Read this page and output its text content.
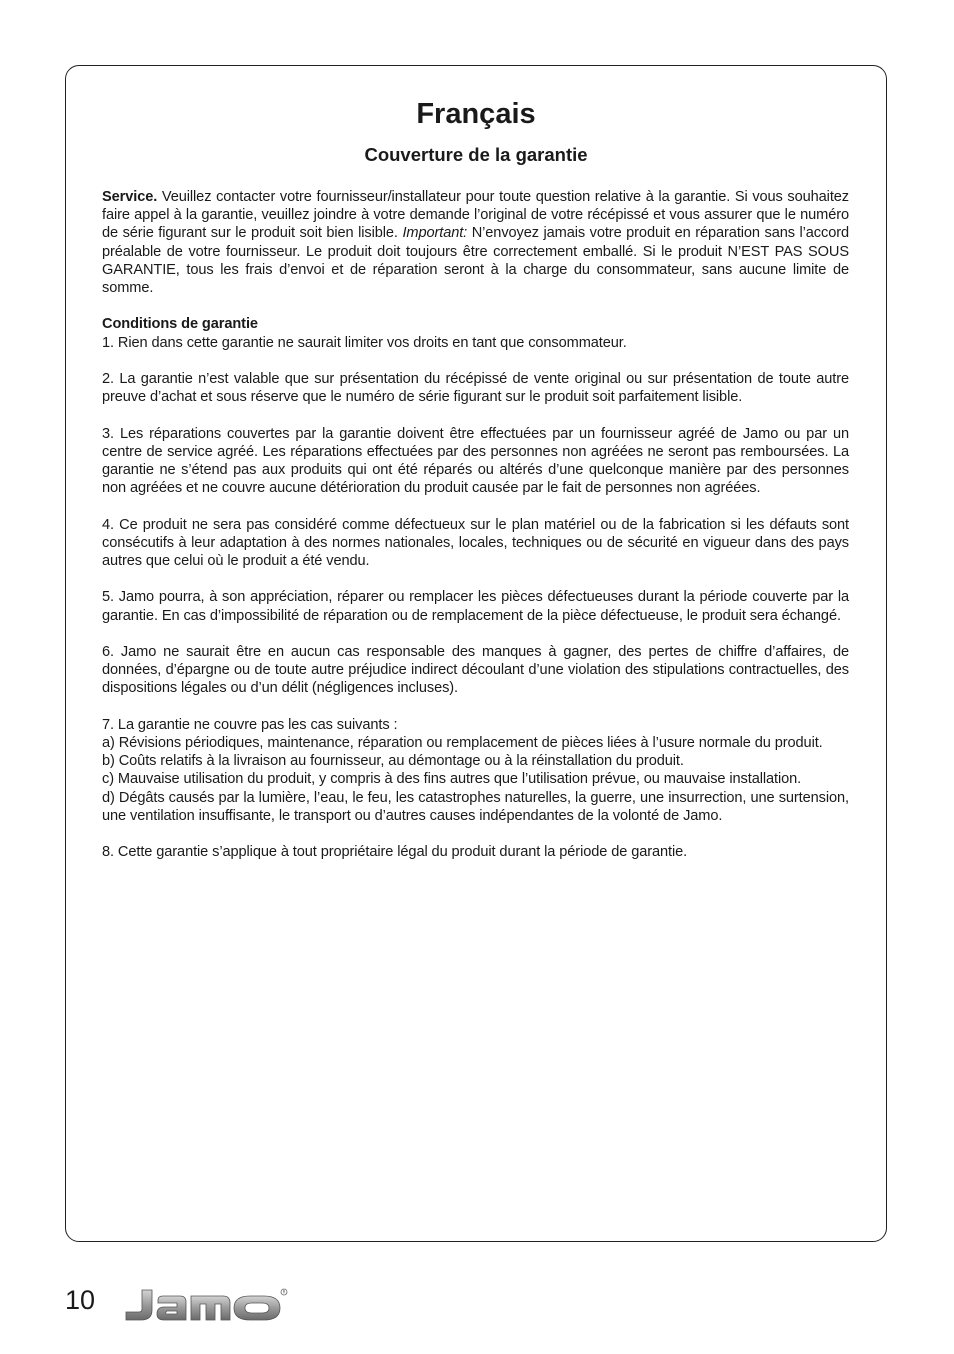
Français
Couverture de la garantie

Service. Veuillez contacter votre fournisseur/installateur pour toute question relative à la garantie. Si vous souhaitez faire appel à la garantie, veuillez joindre à votre demande l’original de votre récépissé et vous assurer que le numéro de série figurant sur le produit soit bien lisible. Important: N’envoyez jamais votre produit en réparation sans l’accord préalable de votre fournisseur. Le produit doit toujours être correctement emballé. Si le produit N’EST PAS SOUS GARANTIE, tous les frais d’envoi et de réparation seront à la charge du consommateur, sans aucune limite de somme.

Conditions de garantie

1. Rien dans cette garantie ne saurait limiter vos droits en tant que consommateur.

2. La garantie n’est valable que sur présentation du récépissé de vente original ou sur présentation de toute autre preuve d’achat et sous réserve que le numéro de série figurant sur le produit soit parfaitement lisible.

3. Les réparations couvertes par la garantie doivent être effectuées par un fournisseur agréé de Jamo ou par un centre de service agréé. Les réparations effectuées par des personnes non agréées ne seront pas remboursées. La garantie ne s’étend pas aux produits qui ont été réparés ou altérés d’une quelconque manière par des personnes non agréées et ne couvre aucune détérioration du produit causée par le fait de personnes non agréées.

4. Ce produit ne sera pas considéré comme défectueux sur le plan matériel ou de la fabrication si les défauts sont consécutifs à leur adaptation à des normes nationales, locales, techniques ou de sécurité en vigueur dans des pays autres que celui où le produit a été vendu.

5. Jamo pourra, à son appréciation, réparer ou remplacer les pièces défectueuses durant la période couverte par la garantie. En cas d’impossibilité de réparation ou de remplacement de la pièce défectueuse, le produit sera échangé.

6. Jamo ne saurait être en aucun cas responsable des manques à gagner, des pertes de chiffre d’affaires, de données, d’épargne ou de toute autre préjudice indirect découlant d’une violation des stipulations contractuelles, des dispositions légales ou d’un délit (négligences incluses).

7. La garantie ne couvre pas les cas suivants :

a) Révisions périodiques, maintenance, réparation ou remplacement de pièces liées à l’usure normale du produit.

b) Coûts relatifs à la livraison au fournisseur, au démontage ou à la réinstallation du produit.

c) Mauvaise utilisation du produit, y compris à des fins autres que l’utilisation prévue, ou mauvaise installation.

d) Dégâts causés par la lumière, l’eau, le feu, les catastrophes naturelles, la guerre, une insurrection, une surtension, une ventilation insuffisante, le transport ou d’autres causes indépendantes de la volonté de Jamo.

8. Cette garantie s’applique à tout propriétaire légal du produit durant la période de garantie.

10	R
